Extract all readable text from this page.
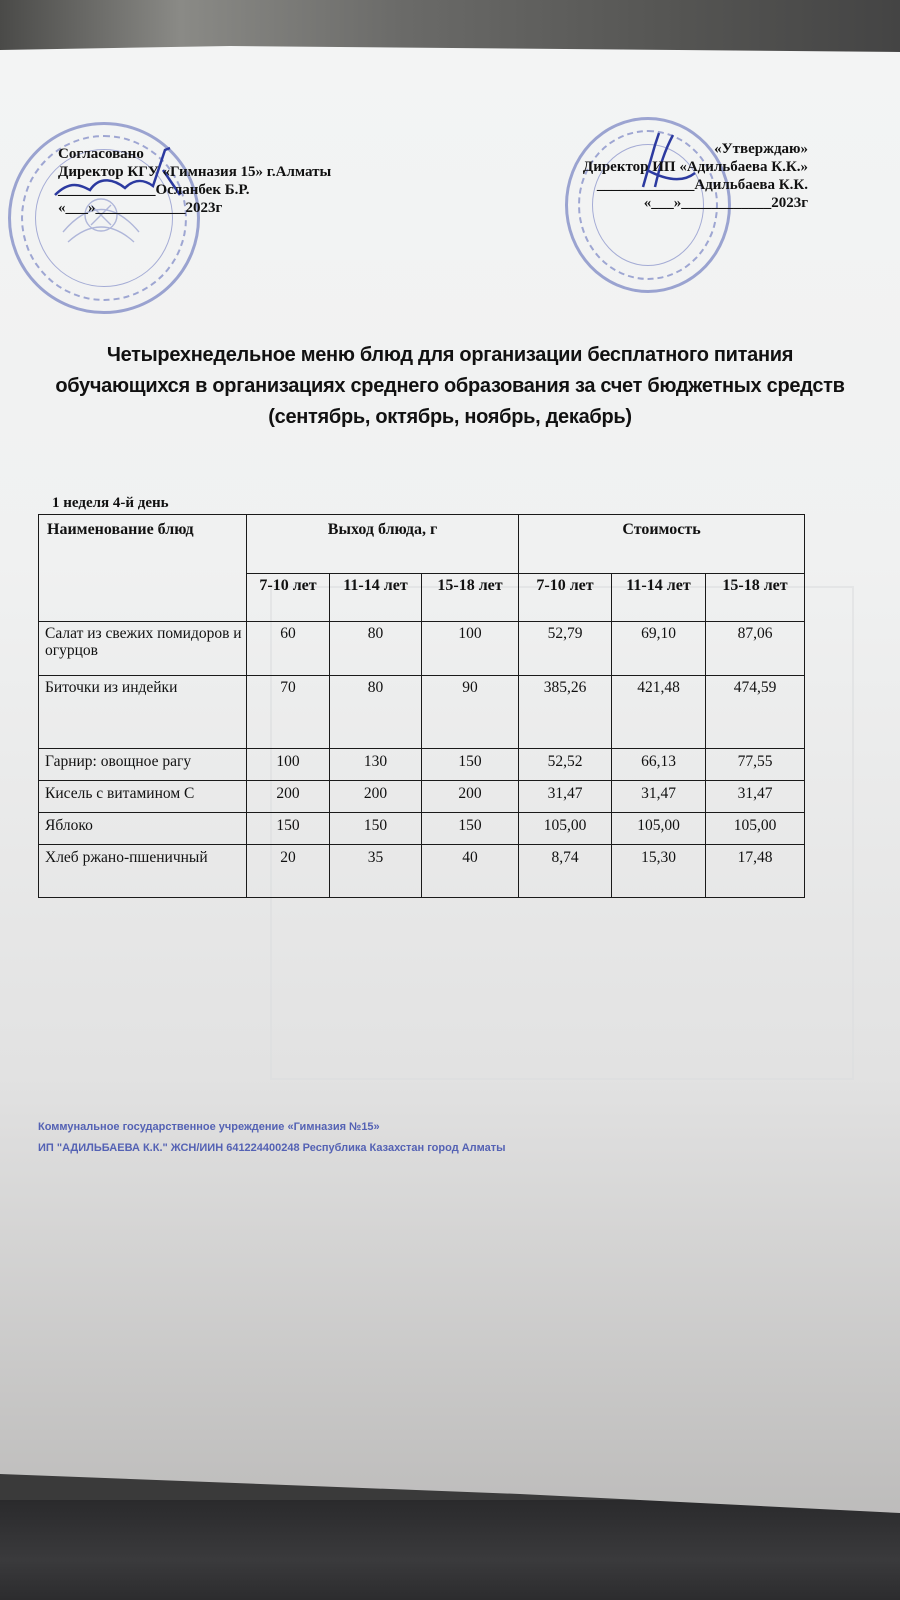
Согласовано
Директор КГУ «Гимназия 15» г.Алматы
_____________Осланбек Б.Р.
«___»____________2023г
«Утверждаю»
Директор ИП «Адильбаева К.К.»
_____________Адильбаева К.К.
«___»____________2023г
Четырехнедельное меню блюд для организации бесплатного питания обучающихся в организациях среднего образования за счет бюджетных средств (сентябрь, октябрь, ноябрь, декабрь)
1 неделя 4-й день
Наименование блюд	Выход блюда, г			Стоимость		
	7-10 лет	11-14 лет	15-18 лет	7-10 лет	11-14 лет	15-18 лет
Салат из свежих помидоров и огурцов	60	80	100	52,79	69,10	87,06
Биточки из индейки	70	80	90	385,26	421,48	474,59
Гарнир: овощное рагу	100	130	150	52,52	66,13	77,55
Кисель с витамином С	200	200	200	31,47	31,47	31,47
Яблоко	150	150	150	105,00	105,00	105,00
Хлеб ржано-пшеничный	20	35	40	8,74	15,30	17,48
Коммунальное государственное учреждение «Гимназия №15»
ИП "АДИЛЬБАЕВА К.К." ЖСН/ИИН 641224400248 Республика Казахстан город Алматы
